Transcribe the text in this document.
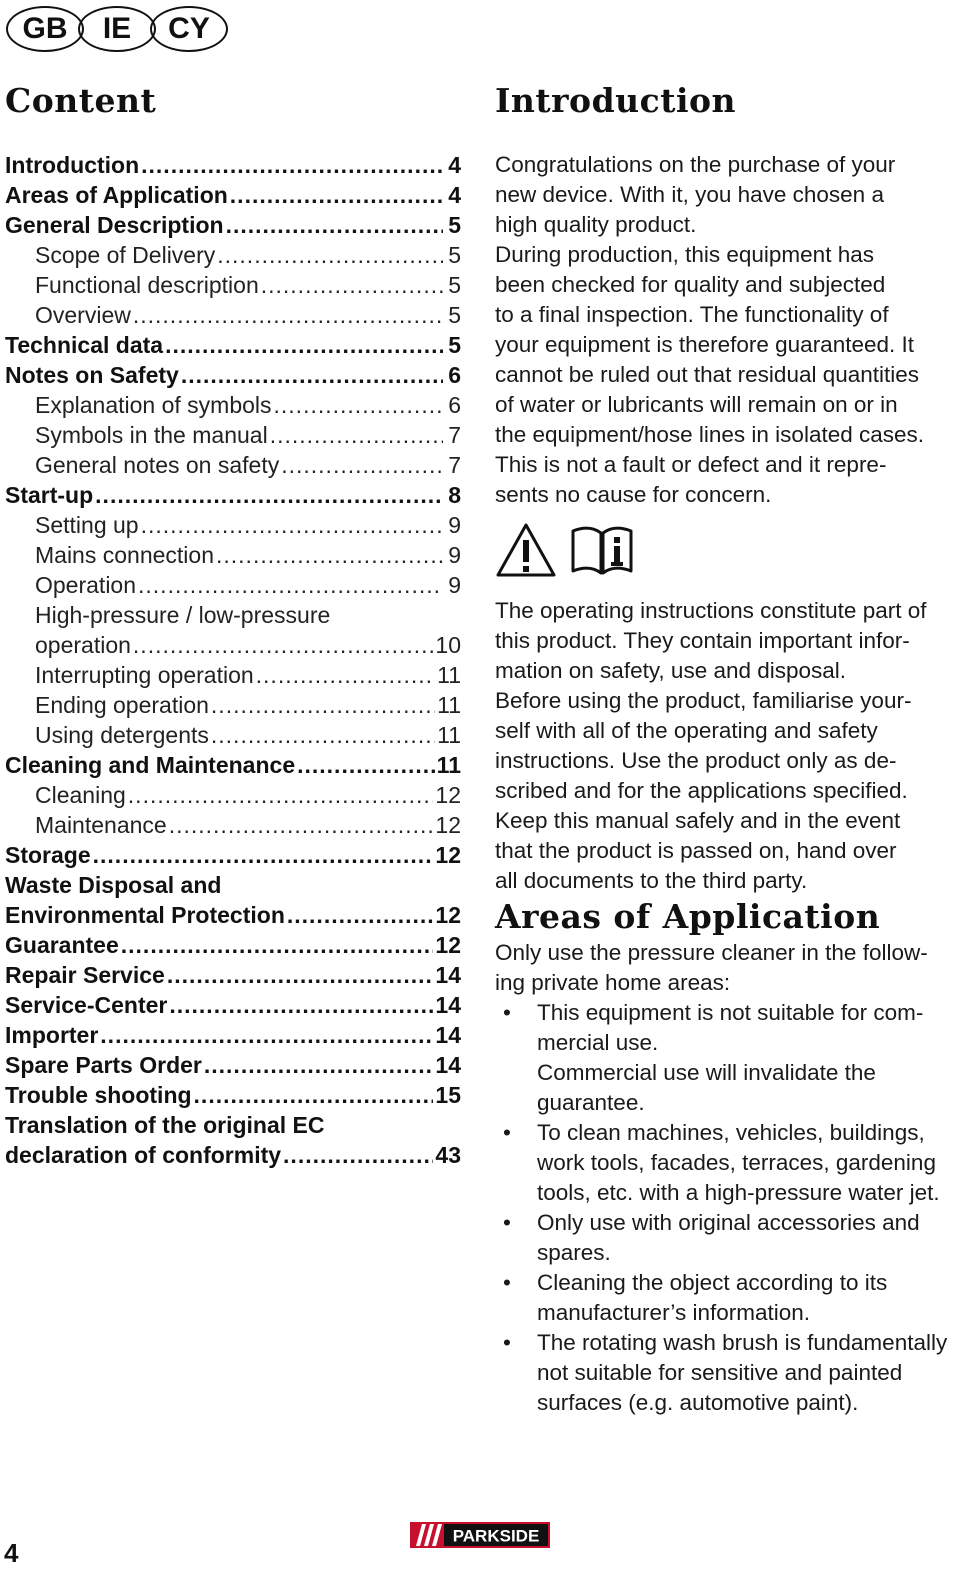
GB	IE	CY
Content
Introduction .....	4
Areas of Application .....	4
General Description .....	5
Scope of Delivery .....	5
Functional description .....	5
Overview .....	5
Technical data .....	5
Notes on Safety .....	6
Explanation of symbols .....	6
Symbols in the manual .....	7
General notes on safety .....	7
Start-up .....	8
Setting up .....	9
Mains connection .....	9
Operation .....	9
High-pressure / low-pressure
operation .....	10
Interrupting operation .....	11
Ending operation .....	11
Using detergents .....	11
Cleaning and Maintenance .....	11
Cleaning .....	12
Maintenance .....	12
Storage .....	12
Waste Disposal and
Environmental Protection .....	12
Guarantee .....	12
Repair Service .....	14
Service-Center .....	14
Importer .....	14
Spare Parts Order .....	14
Trouble shooting .....	15
Translation of the original EC
declaration of conformity .....	43
Introduction

Congratulations on the purchase of your

new device. With it, you have chosen a

high quality product.

During production, this equipment has

been checked for quality and subjected

to a final inspection. The functionality of

your equipment is therefore guaranteed. It

cannot be ruled out that residual quantities

of water or lubricants will remain on or in

the equipment/hose lines in isolated cases.

This is not a fault or defect and it repre-

sents no cause for concern.

The operating instructions constitute part of

this product. They contain important infor-

mation on safety, use and disposal.

Before using the product, familiarise your-

self with all of the operating and safety

instructions. Use the product only as de-

scribed and for the applications specified.

Keep this manual safely and in the event

that the product is passed on, hand over

all documents to the third party.

Areas of Application

Only use the pressure cleaner in the follow-

ing private home areas:

• This equipment is not suitable for com-
mercial use.
Commercial use will invalidate the
guarantee.
• To clean machines, vehicles, buildings,
work tools, facades, terraces, gardening
tools, etc. with a high-pressure water jet.
• Only use with original accessories and
spares.
• Cleaning the object according to its
manufacturer’s information.
• The rotating wash brush is fundamentally
not suitable for sensitive and painted
surfaces (e.g. automotive paint).
4
PARKSIDE
